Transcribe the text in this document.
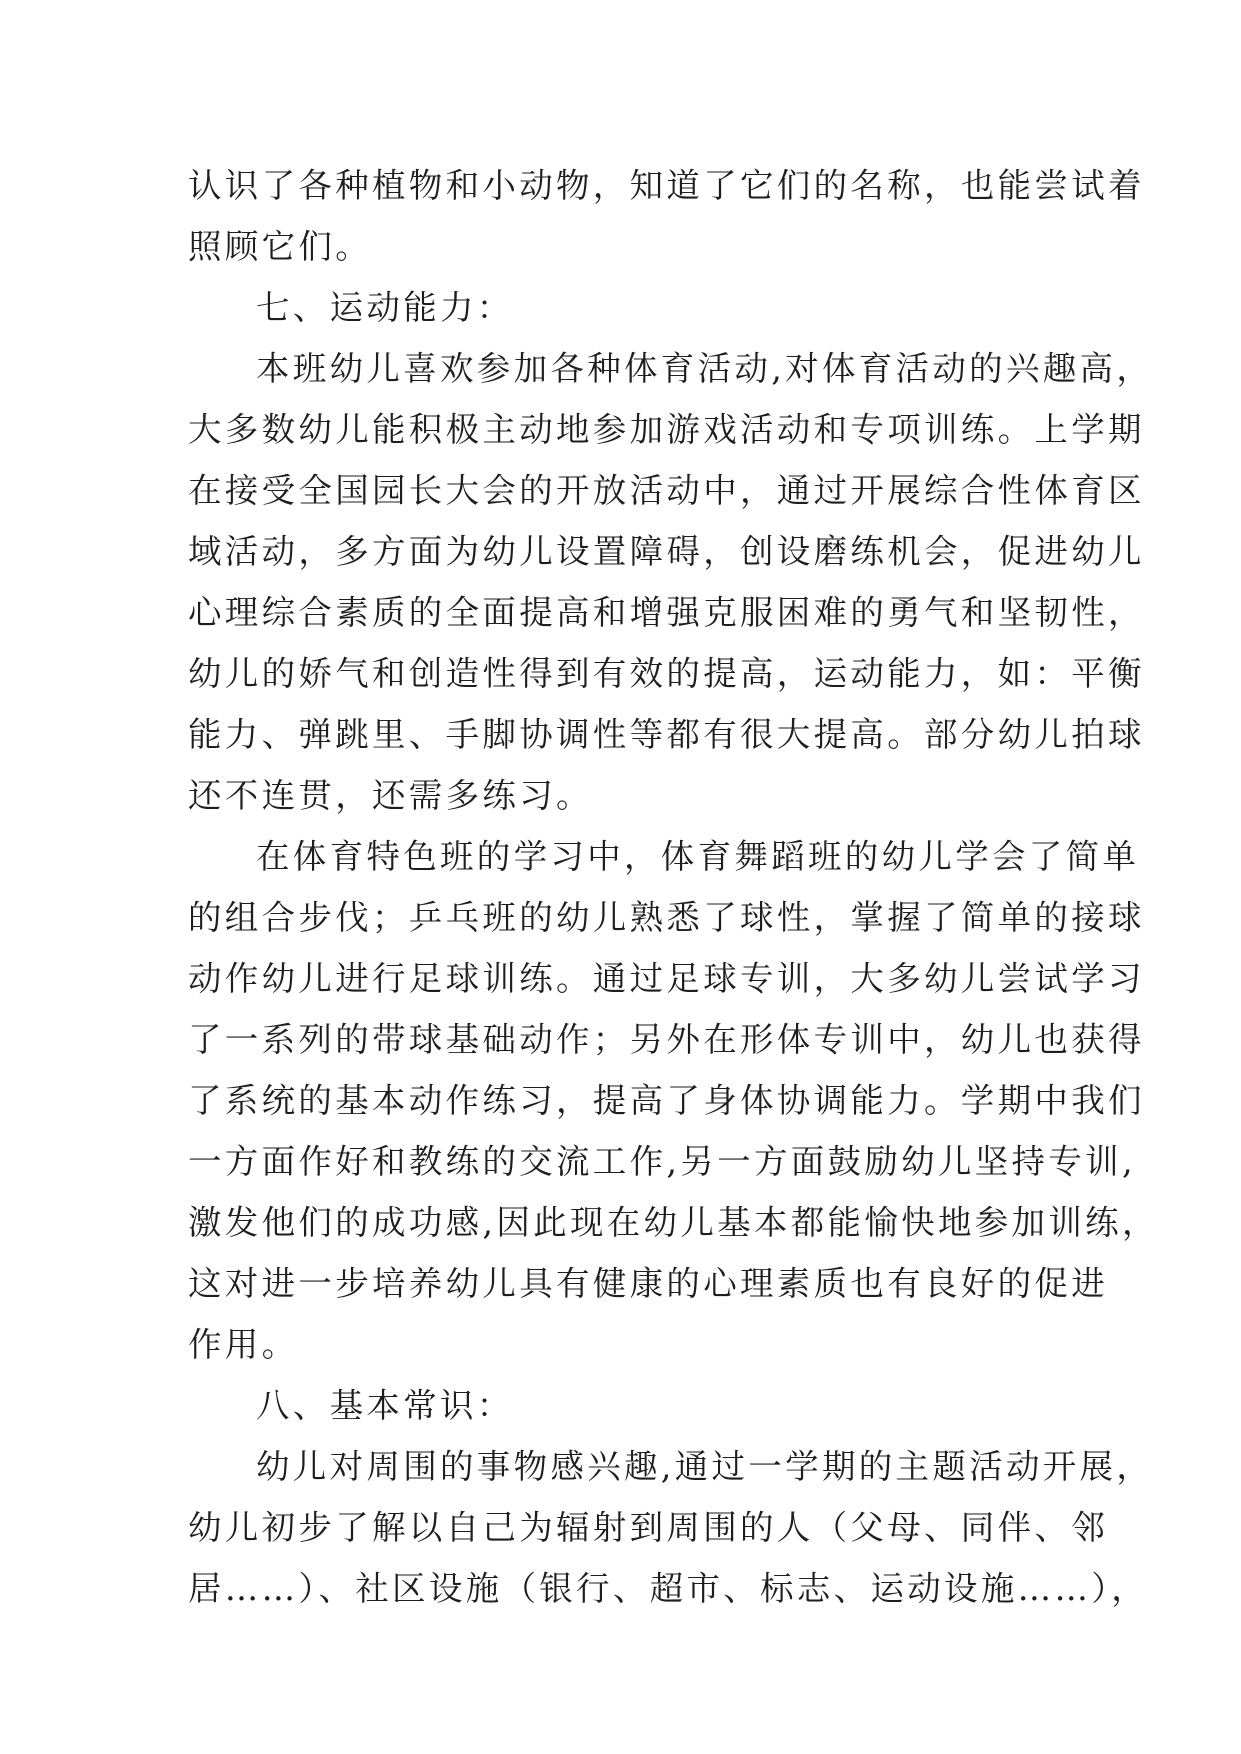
认识了各种植物和小动物，知道了它们的名称，也能尝试着
照顾它们。
七、运动能力：
本班幼儿喜欢参加各种体育活动,对体育活动的兴趣高，
大多数幼儿能积极主动地参加游戏活动和专项训练。上学期
在接受全国园长大会的开放活动中，通过开展综合性体育区
域活动，多方面为幼儿设置障碍，创设磨练机会，促进幼儿
心理综合素质的全面提高和增强克服困难的勇气和坚韧性，
幼儿的娇气和创造性得到有效的提高，运动能力，如：平衡
能力、弹跳里、手脚协调性等都有很大提高。部分幼儿拍球
还不连贯，还需多练习。
在体育特色班的学习中，体育舞蹈班的幼儿学会了简单
的组合步伐；乒乓班的幼儿熟悉了球性，掌握了简单的接球
动作幼儿进行足球训练。通过足球专训，大多幼儿尝试学习
了一系列的带球基础动作；另外在形体专训中，幼儿也获得
了系统的基本动作练习，提高了身体协调能力。学期中我们
一方面作好和教练的交流工作,另一方面鼓励幼儿坚持专训,
激发他们的成功感,因此现在幼儿基本都能愉快地参加训练，
这对进一步培养幼儿具有健康的心理素质也有良好的促进
作用。
八、基本常识：
幼儿对周围的事物感兴趣,通过一学期的主题活动开展，
幼儿初步了解以自己为辐射到周围的人（父母、同伴、邻
居……）、社区设施（银行、超市、标志、运动设施……），
